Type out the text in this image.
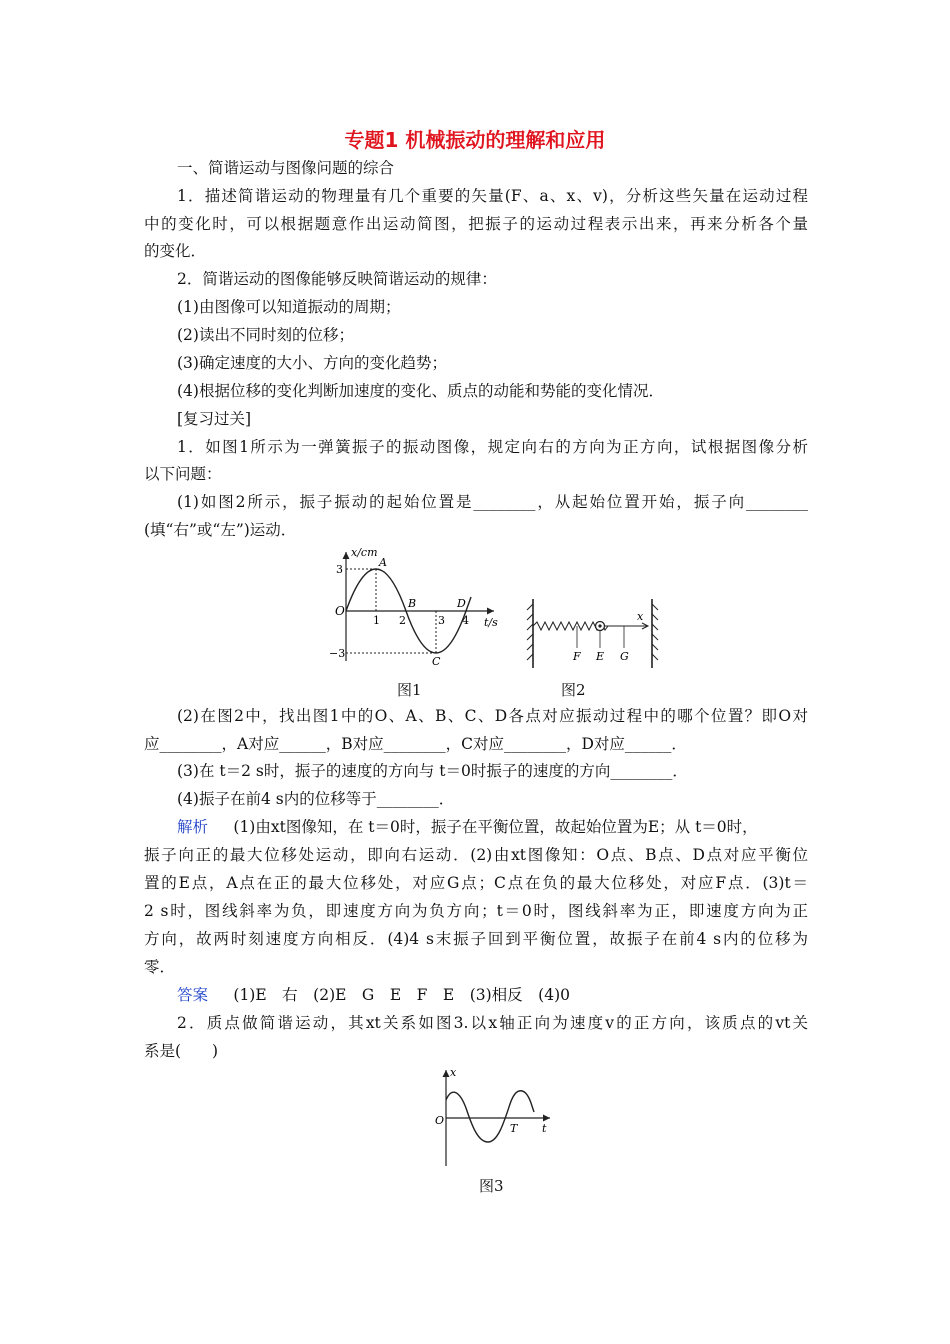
专题1 机械振动的理解和应用
一、简谐运动与图像问题的综合
1．描述简谐运动的物理量有几个重要的矢量(F、a、x、v)，分析这些矢量在运动过程
中的变化时，可以根据题意作出运动简图，把振子的运动过程表示出来，再来分析各个量
的变化．
2．简谐运动的图像能够反映简谐运动的规律：
(1)由图像可以知道振动的周期；
(2)读出不同时刻的位移；
(3)确定速度的大小、方向的变化趋势；
(4)根据位移的变化判断加速度的变化、质点的动能和势能的变化情况．
[复习过关]
1．如图1所示为一弹簧振子的振动图像，规定向右的方向为正方向，试根据图像分析
以下问题：
(1)如图2所示，振子振动的起始位置是________，从起始位置开始，振子向________
(填“右”或“左”)运动．
x/cm
t/s
3
−3
O
1 2	3 4
A
B
C
D
图1
x
F E G
图2
(2)在图2中，找出图1中的O、A、B、C、D各点对应振动过程中的哪个位置？即O对
应________，A对应______，B对应________，C对应________，D对应______．
(3)在 t＝2 s时，振子的速度的方向与 t＝0时振子的速度的方向________．
(4)振子在前4 s内的位移等于________．
解析   (1)由xt图像知，在 t＝0时，振子在平衡位置，故起始位置为E；从 t＝0时，
振子向正的最大位移处运动，即向右运动．(2)由xt图像知：O点、B点、D点对应平衡位
置的E点，A点在正的最大位移处，对应G点；C点在负的最大位移处，对应F点．(3)t＝
2 s时，图线斜率为负，即速度方向为负方向；t＝0时，图线斜率为正，即速度方向为正
方向，故两时刻速度方向相反．(4)4 s末振子回到平衡位置，故振子在前4 s内的位移为
零．
答案   (1)E　右　(2)E　G　E　F　E　(3)相反　(4)0
2．质点做简谐运动，其xt关系如图3.以x轴正向为速度v的正方向，该质点的vt关
系是(　　)
x
t
O
T
图3
